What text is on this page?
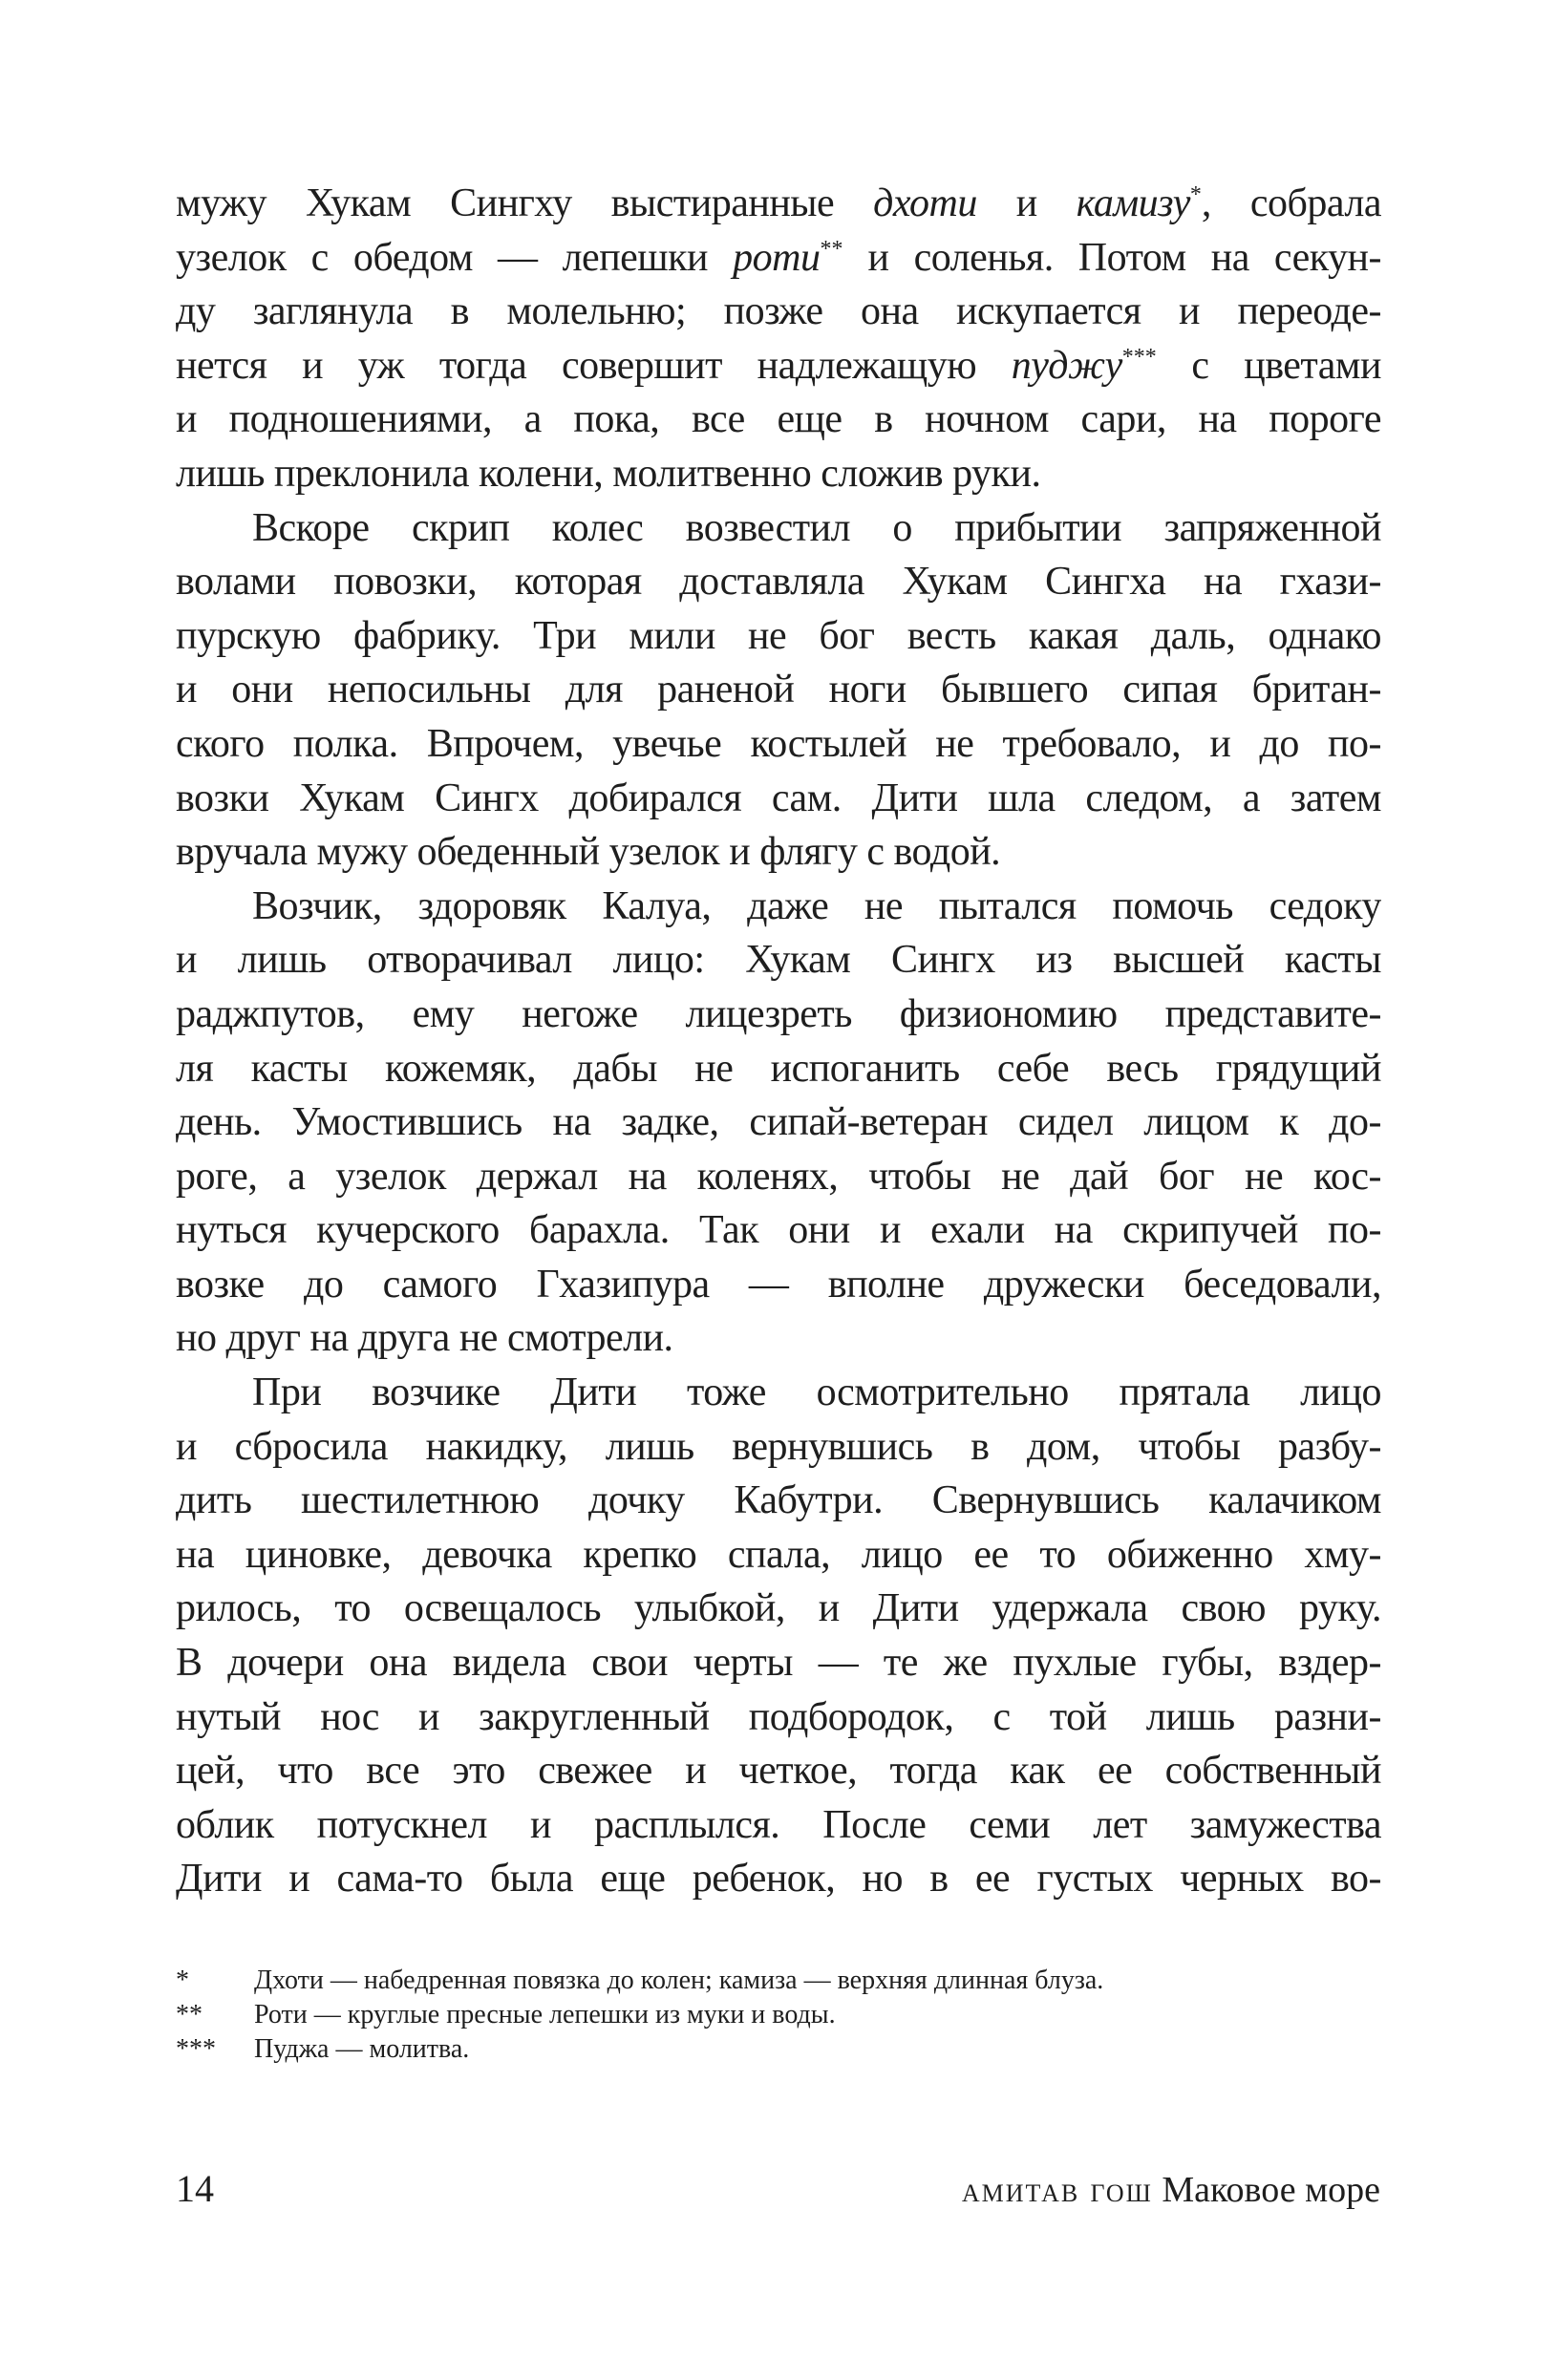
мужу Хукам Сингху выстиранные дхоти и камизу*, собрала
узелок с обедом — лепешки роти** и соленья. Потом на секун-
ду заглянула в молельню; позже она искупается и переоде-
нется и уж тогда совершит надлежащую пуджу*** с цветами
и подношениями, а пока, все еще в ночном сари, на пороге
лишь преклонила колени, молитвенно сложив руки.
Вскоре скрип колес возвестил о прибытии запряженной
волами повозки, которая доставляла Хукам Сингха на гхази-
пурскую фабрику. Три мили не бог весть какая даль, однако
и они непосильны для раненой ноги бывшего сипая британ-
ского полка. Впрочем, увечье костылей не требовало, и до по-
возки Хукам Сингх добирался сам. Дити шла следом, а затем
вручала мужу обеденный узелок и флягу с водой.
Возчик, здоровяк Калуа, даже не пытался помочь седоку
и лишь отворачивал лицо: Хукам Сингх из высшей касты
раджпутов, ему негоже лицезреть физиономию представите-
ля касты кожемяк, дабы не испоганить себе весь грядущий
день. Умостившись на задке, сипай-ветеран сидел лицом к до-
роге, а узелок держал на коленях, чтобы не дай бог не кос-
нуться кучерского барахла. Так они и ехали на скрипучей по-
возке до самого Гхазипура — вполне дружески беседовали,
но друг на друга не смотрели.
При возчике Дити тоже осмотрительно прятала лицо
и сбросила накидку, лишь вернувшись в дом, чтобы разбу-
дить шестилетнюю дочку Кабутри. Свернувшись калачиком
на циновке, девочка крепко спала, лицо ее то обиженно хму-
рилось, то освещалось улыбкой, и Дити удержала свою руку.
В дочери она видела свои черты — те же пухлые губы, вздер-
нутый нос и закругленный подбородок, с той лишь разни-
цей, что все это свежее и четкое, тогда как ее собственный
облик потускнел и расплылся. После семи лет замужества
Дити и сама-то была еще ребенок, но в ее густых черных во-
*	Дхоти — набедренная повязка до колен; камиза — верхняя длинная блуза.
**	Роти — круглые пресные лепешки из муки и воды.
***	Пуджа — молитва.
14	амитав гош Маковое море
